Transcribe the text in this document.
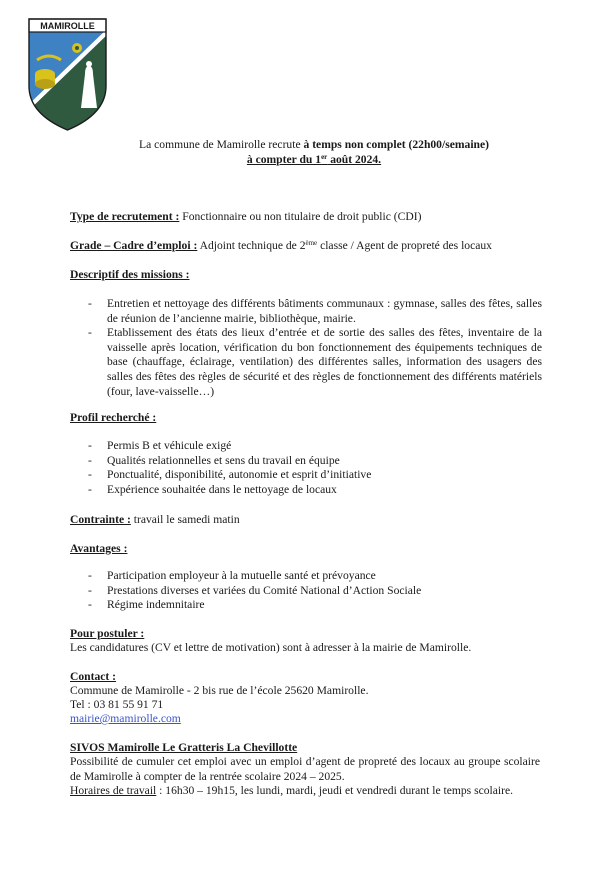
MAMIROLLE
La commune de Mamirolle recrute à temps non complet (22h00/semaine)
à compter du 1er août 2024.
Type de recrutement : Fonctionnaire ou non titulaire de droit public (CDI)
Grade – Cadre d’emploi : Adjoint technique de 2ème classe / Agent de propreté des locaux
Descriptif des missions :
- Entretien et nettoyage des différents bâtiments communaux : gymnase, salles des fêtes, salles de réunion de l’ancienne mairie, bibliothèque, mairie.
- Etablissement des états des lieux d’entrée et de sortie des salles des fêtes, inventaire de la vaisselle après location, vérification du bon fonctionnement des équipements techniques de base (chauffage, éclairage, ventilation) des différentes salles, information des usagers des salles des fêtes des règles de sécurité et des règles de fonctionnement des différents matériels (four, lave-vaisselle…)
Profil recherché :
- Permis B et véhicule exigé
- Qualités relationnelles et sens du travail en équipe
- Ponctualité, disponibilité, autonomie et esprit d’initiative
- Expérience souhaitée dans le nettoyage de locaux
Contrainte : travail le samedi matin
Avantages :
- Participation employeur à la mutuelle santé et prévoyance
- Prestations diverses et variées du Comité National d’Action Sociale
- Régime indemnitaire
Pour postuler :
Les candidatures (CV et lettre de motivation) sont à adresser à la mairie de Mamirolle.
Contact :
Commune de Mamirolle - 2 bis rue de l’école 25620 Mamirolle.
Tel : 03 81 55 91 71
mairie@mamirolle.com
SIVOS Mamirolle Le Gratteris La Chevillotte
Possibilité de cumuler cet emploi avec un emploi d’agent de propreté des locaux au groupe scolaire de Mamirolle à compter de la rentrée scolaire 2024 – 2025.
Horaires de travail : 16h30 – 19h15, les lundi, mardi, jeudi et vendredi durant le temps scolaire.
